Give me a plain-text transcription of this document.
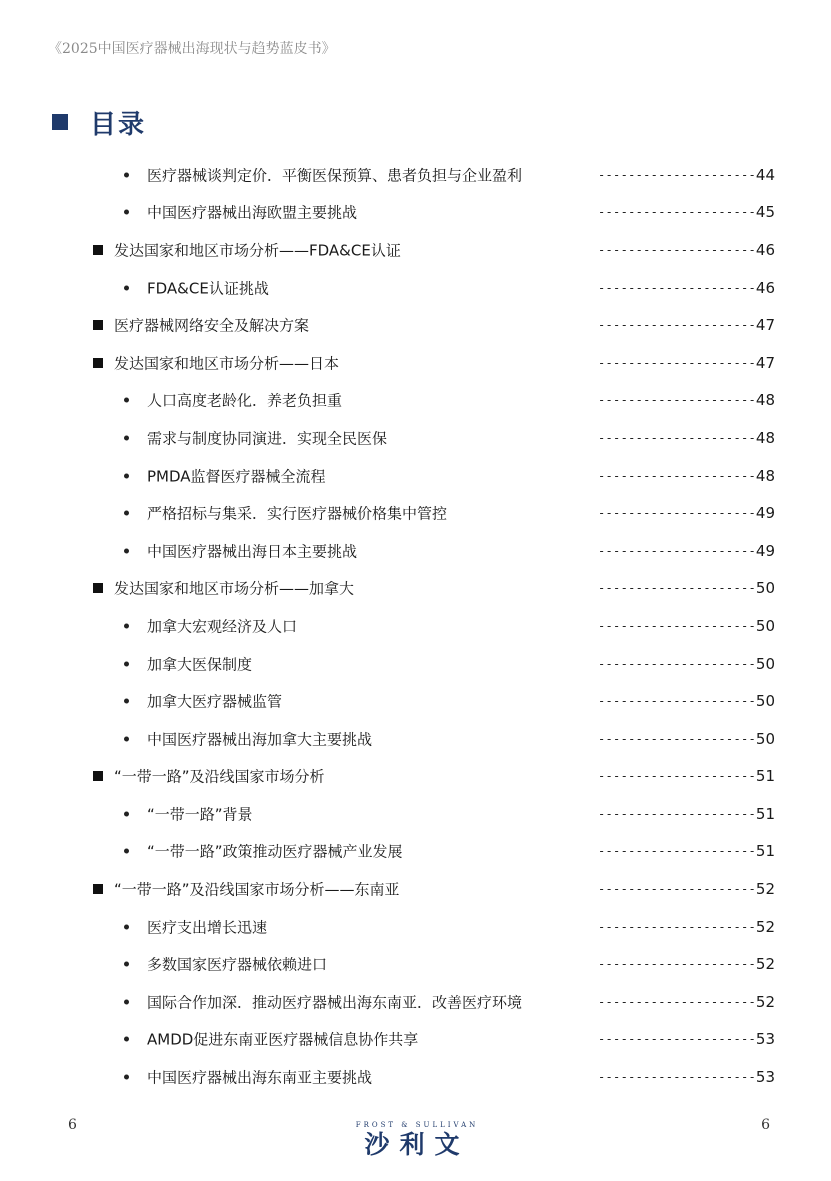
《2025中国医疗器械出海现状与趋势蓝皮书》
目录
医疗器械谈判定价．平衡医保预算、患者负担与企业盈利	--------------------- 44
中国医疗器械出海欧盟主要挑战	--------------------- 45
发达国家和地区市场分析——FDA&CE认证	--------------------- 46
FDA&CE认证挑战	--------------------- 46
医疗器械网络安全及解决方案	--------------------- 47
发达国家和地区市场分析——日本	--------------------- 47
人口高度老龄化．养老负担重	--------------------- 48
需求与制度协同演进．实现全民医保	--------------------- 48
PMDA监督医疗器械全流程	--------------------- 48
严格招标与集采．实行医疗器械价格集中管控	--------------------- 49
中国医疗器械出海日本主要挑战	--------------------- 49
发达国家和地区市场分析——加拿大	--------------------- 50
加拿大宏观经济及人口	--------------------- 50
加拿大医保制度	--------------------- 50
加拿大医疗器械监管	--------------------- 50
中国医疗器械出海加拿大主要挑战	--------------------- 50
“一带一路”及沿线国家市场分析	--------------------- 51
“一带一路”背景	--------------------- 51
“一带一路”政策推动医疗器械产业发展	--------------------- 51
“一带一路”及沿线国家市场分析——东南亚	--------------------- 52
医疗支出增长迅速	--------------------- 52
多数国家医疗器械依赖进口	--------------------- 52
国际合作加深．推动医疗器械出海东南亚．改善医疗环境	--------------------- 52
AMDD促进东南亚医疗器械信息协作共享	--------------------- 53
中国医疗器械出海东南亚主要挑战	--------------------- 53
6	FROST & SULLIVAN
沙利文
6
